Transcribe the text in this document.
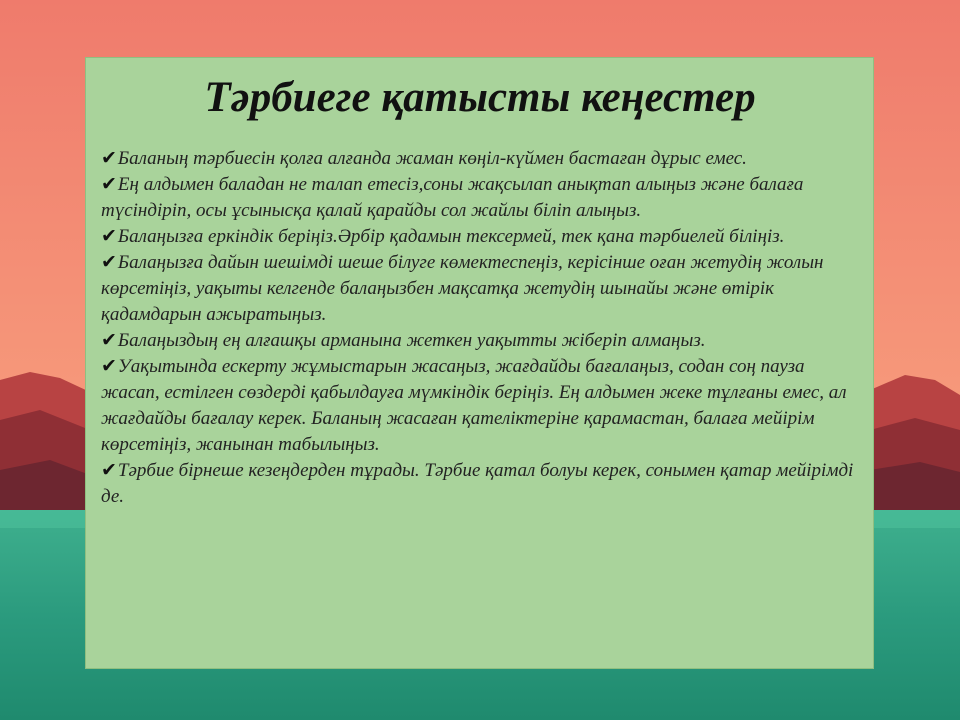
Тәрбиеге қатысты кеңестер
✔Баланың тәрбиесін қолға алғанда жаман көңіл-күймен бастаған дұрыс емес.
✔Ең алдымен баладан не талап етесіз,соны жақсылап анықтап алыңыз және балаға түсіндіріп, осы ұсынысқа қалай қарайды сол жайлы біліп алыңыз.
✔Балаңызға еркіндік беріңіз.Әрбір қадамын тексермей, тек қана тәрбиелей біліңіз.
✔Балаңызға дайын шешімді шеше білуге көмектеспеңіз, керісінше оған жетудің жолын көрсетіңіз, уақыты келгенде балаңызбен мақсатқа жетудің шынайы және өтірік қадамдарын ажыратыңыз.
✔Балаңыздың ең алғашқы арманына жеткен уақытты жіберіп алмаңыз.
✔Уақытында ескерту жұмыстарын жасаңыз, жағдайды бағалаңыз, содан соң пауза жасап, естілген сөздерді қабылдауға мүмкіндік беріңіз. Ең алдымен жеке тұлғаны емес, ал жағдайды бағалау керек. Баланың жасаған қателіктеріне қарамастан, балаға мейірім көрсетіңіз, жанынан табылыңыз.
✔Тәрбие бірнеше кезеңдерден тұрады. Тәрбие қатал болуы керек, сонымен қатар мейірімді де.
